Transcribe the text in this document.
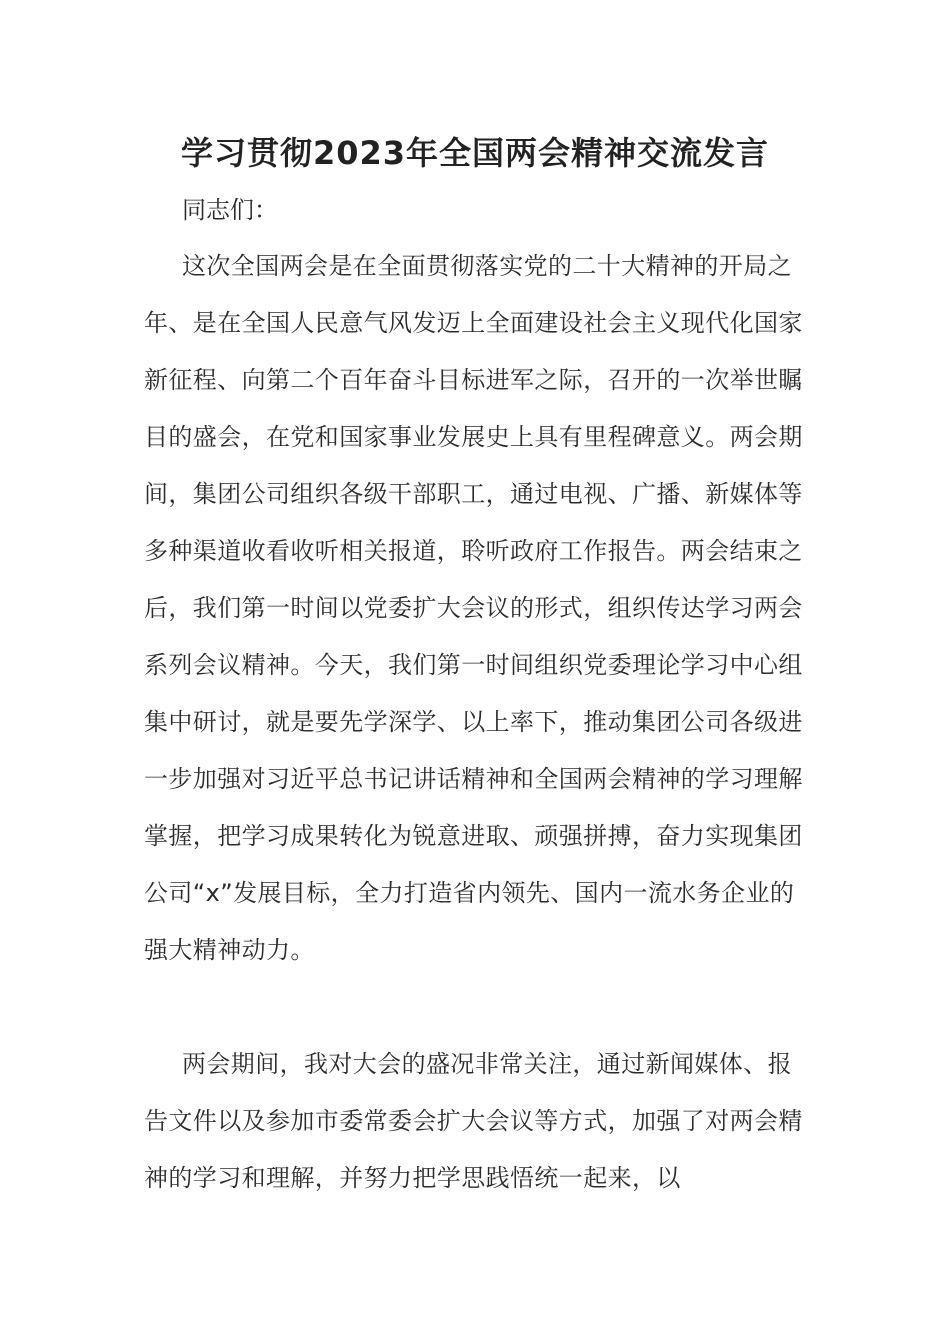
学习贯彻2023年全国两会精神交流发言
同志们：

这次全国两会是在全面贯彻落实党的二十大精神的开局之年、是在全国人民意气风发迈上全面建设社会主义现代化国家新征程、向第二个百年奋斗目标进军之际，召开的一次举世瞩目的盛会，在党和国家事业发展史上具有里程碑意义。两会期间，集团公司组织各级干部职工，通过电视、广播、新媒体等多种渠道收看收听相关报道，聆听政府工作报告。两会结束之后，我们第一时间以党委扩大会议的形式，组织传达学习两会系列会议精神。今天，我们第一时间组织党委理论学习中心组集中研讨，就是要先学深学、以上率下，推动集团公司各级进一步加强对习近平总书记讲话精神和全国两会精神的学习理解掌握，把学习成果转化为锐意进取、顽强拼搏，奋力实现集团公司“x”发展目标，全力打造省内领先、国内一流水务企业的强大精神动力。

两会期间，我对大会的盛况非常关注，通过新闻媒体、报告文件以及参加市委常委会扩大会议等方式，加强了对两会精神的学习和理解，并努力把学思践悟统一起来，以
